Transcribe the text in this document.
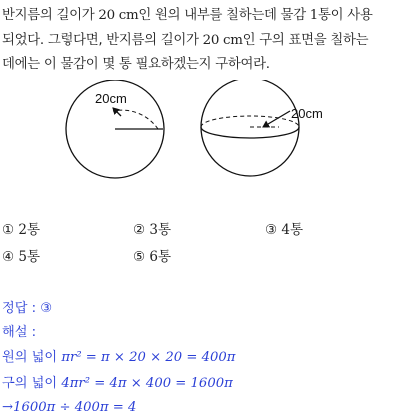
반지름의 길이가 20 cm인 원의 내부를 칠하는데 물감 1통이 사용
되었다. 그렇다면, 반지름의 길이가 20 cm인 구의 표면을 칠하는
데에는 이 물감이 몇 통 필요하겠는지 구하여라.
20cm
20cm
① 2통	② 3통	③ 4통
④ 5통	⑤ 6통
정답 : ③
해설 :
원의 넓이 πr² = π × 20 × 20 = 400π
구의 넓이 4πr² = 4π × 400 = 1600π
→1600π ÷ 400π = 4
